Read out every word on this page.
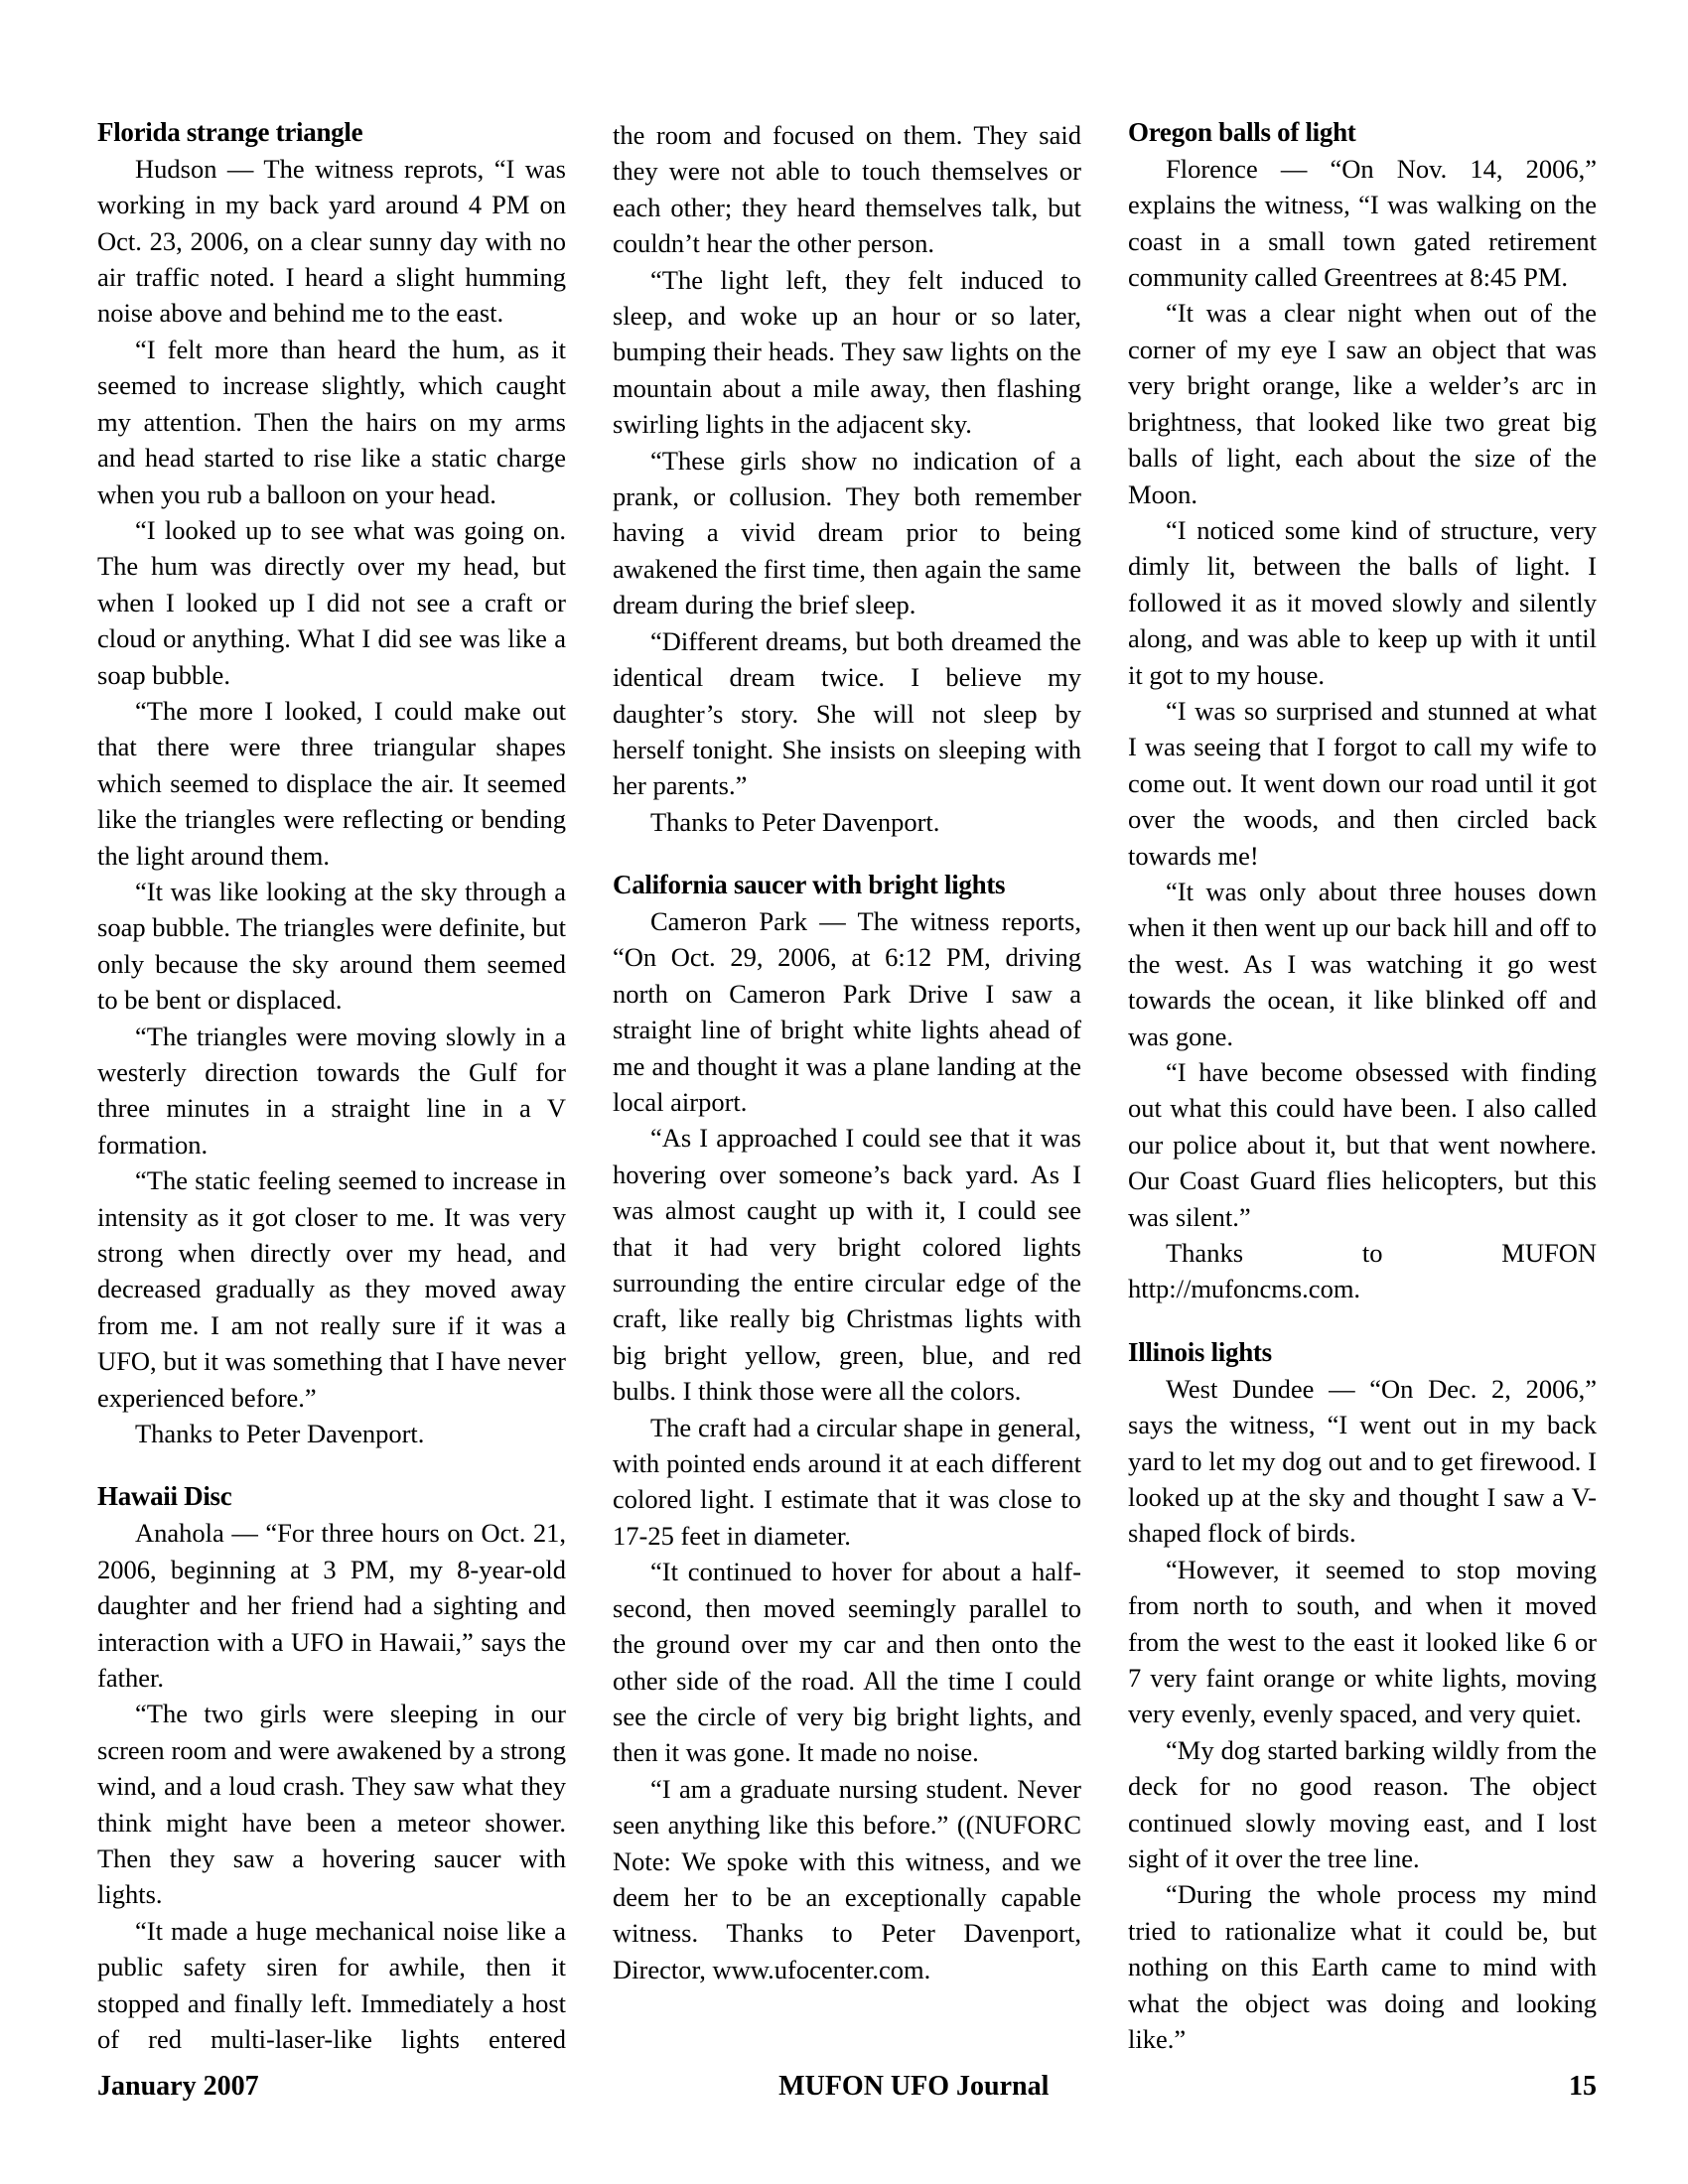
Florida strange triangle

Hudson — The witness reprots, “I was working in my back yard around 4 PM on Oct. 23, 2006, on a clear sunny day with no air traffic noted. I heard a slight humming noise above and behind me to the east.

“I felt more than heard the hum, as it seemed to increase slightly, which caught my attention. Then the hairs on my arms and head started to rise like a static charge when you rub a balloon on your head.

“I looked up to see what was going on. The hum was directly over my head, but when I looked up I did not see a craft or cloud or anything. What I did see was like a soap bubble.

“The more I looked, I could make out that there were three triangular shapes which seemed to displace the air. It seemed like the triangles were reflecting or bending the light around them.

“It was like looking at the sky through a soap bubble. The triangles were definite, but only because the sky around them seemed to be bent or displaced.

“The triangles were moving slowly in a westerly direction towards the Gulf for three minutes in a straight line in a V formation.

“The static feeling seemed to increase in intensity as it got closer to me. It was very strong when directly over my head, and decreased gradually as they moved away from me. I am not really sure if it was a UFO, but it was something that I have never experienced before.”

Thanks to Peter Davenport.

Hawaii Disc

Anahola — “For three hours on Oct. 21, 2006, beginning at 3 PM, my 8-year-old daughter and her friend had a sighting and interaction with a UFO in Hawaii,” says the father.

“The two girls were sleeping in our screen room and were awakened by a strong wind, and a loud crash. They saw what they think might have been a meteor shower. Then they saw a hovering saucer with lights.

“It made a huge mechanical noise like a public safety siren for awhile, then it stopped and finally left. Immediately a host of red multi-laser-like lights entered

the room and focused on them. They said they were not able to touch themselves or each other; they heard themselves talk, but couldn’t hear the other person.

“The light left, they felt induced to sleep, and woke up an hour or so later, bumping their heads. They saw lights on the mountain about a mile away, then flashing swirling lights in the adjacent sky.

“These girls show no indication of a prank, or collusion. They both remember having a vivid dream prior to being awakened the first time, then again the same dream during the brief sleep.

“Different dreams, but both dreamed the identical dream twice. I believe my daughter’s story. She will not sleep by herself tonight. She insists on sleeping with her parents.”

Thanks to Peter Davenport.

California saucer with bright lights

Cameron Park — The witness reports, “On Oct. 29, 2006, at 6:12 PM, driving north on Cameron Park Drive I saw a straight line of bright white lights ahead of me and thought it was a plane landing at the local airport.

“As I approached I could see that it was hovering over someone’s back yard. As I was almost caught up with it, I could see that it had very bright colored lights surrounding the entire circular edge of the craft, like really big Christmas lights with big bright yellow, green, blue, and red bulbs. I think those were all the colors.

The craft had a circular shape in general, with pointed ends around it at each different colored light. I estimate that it was close to 17-25 feet in diameter.

“It continued to hover for about a half-second, then moved seemingly parallel to the ground over my car and then onto the other side of the road. All the time I could see the circle of very big bright lights, and then it was gone. It made no noise.

“I am a graduate nursing student. Never seen anything like this before.” ((NUFORC Note: We spoke with this witness, and we deem her to be an exceptionally capable witness. Thanks to Peter Davenport, Director, www.ufocenter.com.

Oregon balls of light

Florence — “On Nov. 14, 2006,” explains the witness, “I was walking on the coast in a small town gated retirement community called Greentrees at 8:45 PM.

“It was a clear night when out of the corner of my eye I saw an object that was very bright orange, like a welder’s arc in brightness, that looked like two great big balls of light, each about the size of the Moon.

“I noticed some kind of structure, very dimly lit, between the balls of light. I followed it as it moved slowly and silently along, and was able to keep up with it until it got to my house.

“I was so surprised and stunned at what I was seeing that I forgot to call my wife to come out. It went down our road until it got over the woods, and then circled back towards me!

“It was only about three houses down when it then went up our back hill and off to the west. As I was watching it go west towards the ocean, it like blinked off and was gone.

“I have become obsessed with finding out what this could have been. I also called our police about it, but that went nowhere. Our Coast Guard flies helicopters, but this was silent.”

Thanks to MUFON http://mufoncms.com.

Illinois lights

West Dundee — “On Dec. 2, 2006,” says the witness, “I went out in my back yard to let my dog out and to get firewood. I looked up at the sky and thought I saw a V-shaped flock of birds.

“However, it seemed to stop moving from north to south, and when it moved from the west to the east it looked like 6 or 7 very faint orange or white lights, moving very evenly, evenly spaced, and very quiet.

“My dog started barking wildly from the deck for no good reason. The object continued slowly moving east, and I lost sight of it over the tree line.

“During the whole process my mind tried to rationalize what it could be, but nothing on this Earth came to mind with what the object was doing and looking like.”

January 2007	MUFON UFO Journal	15
